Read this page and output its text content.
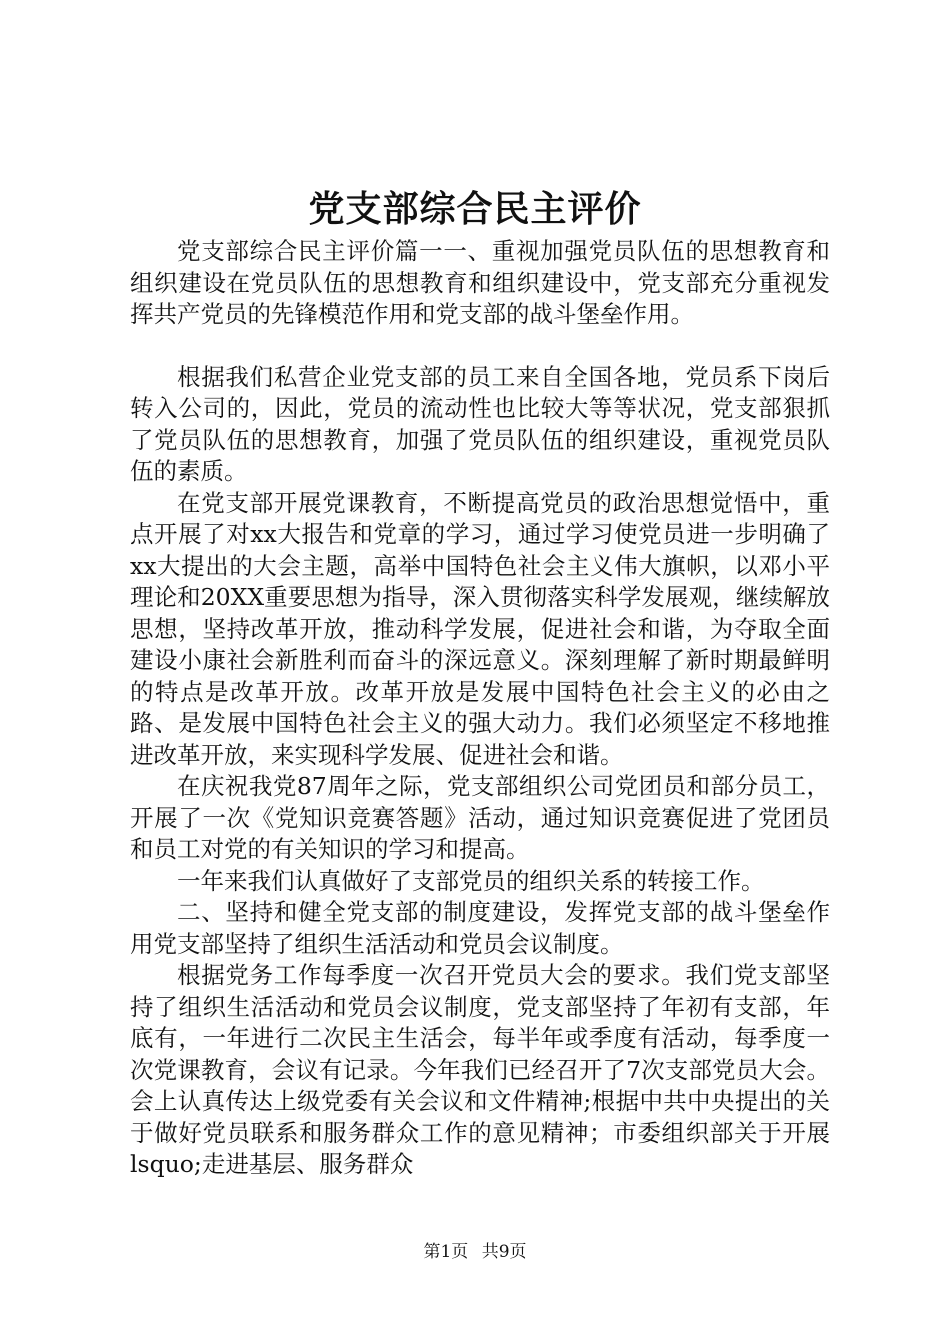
党支部综合民主评价

党支部综合民主评价篇一一、重视加强党员队伍的思想教育和组织建设在党员队伍的思想教育和组织建设中，党支部充分重视发挥共产党员的先锋模范作用和党支部的战斗堡垒作用。

根据我们私营企业党支部的员工来自全国各地，党员系下岗后转入公司的，因此，党员的流动性也比较大等等状况，党支部狠抓了党员队伍的思想教育，加强了党员队伍的组织建设，重视党员队伍的素质。

在党支部开展党课教育，不断提高党员的政治思想觉悟中，重点开展了对xx大报告和党章的学习，通过学习使党员进一步明确了xx大提出的大会主题，高举中国特色社会主义伟大旗帜，以邓小平理论和20XX重要思想为指导，深入贯彻落实科学发展观，继续解放思想，坚持改革开放，推动科学发展，促进社会和谐，为夺取全面建设小康社会新胜利而奋斗的深远意义。深刻理解了新时期最鲜明的特点是改革开放。改革开放是发展中国特色社会主义的必由之路、是发展中国特色社会主义的强大动力。我们必须坚定不移地推进改革开放，来实现科学发展、促进社会和谐。

在庆祝我党87周年之际，党支部组织公司党团员和部分员工，开展了一次《党知识竞赛答题》活动，通过知识竞赛促进了党团员和员工对党的有关知识的学习和提高。

一年来我们认真做好了支部党员的组织关系的转接工作。

二、坚持和健全党支部的制度建设，发挥党支部的战斗堡垒作用党支部坚持了组织生活活动和党员会议制度。

根据党务工作每季度一次召开党员大会的要求。我们党支部坚持了组织生活活动和党员会议制度，党支部坚持了年初有支部，年底有，一年进行二次民主生活会，每半年或季度有活动，每季度一次党课教育，会议有记录。今年我们已经召开了7次支部党员大会。会上认真传达上级党委有关会议和文件精神;根据中共中央提出的关于做好党员联系和服务群众工作的意见精神；市委组织部关于开展lsquo;走进基层、服务群众

第1页 共9页
